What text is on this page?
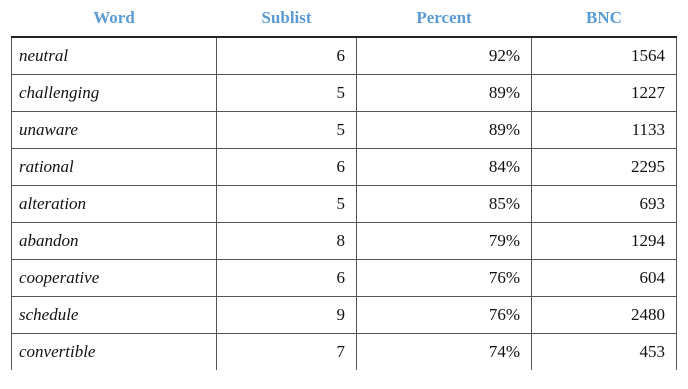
Word	Sublist	Percent	BNC
neutral	6	92%	1564
challenging	5	89%	1227
unaware	5	89%	1133
rational	6	84%	2295
alteration	5	85%	693
abandon	8	79%	1294
cooperative	6	76%	604
schedule	9	76%	2480
convertible	7	74%	453
